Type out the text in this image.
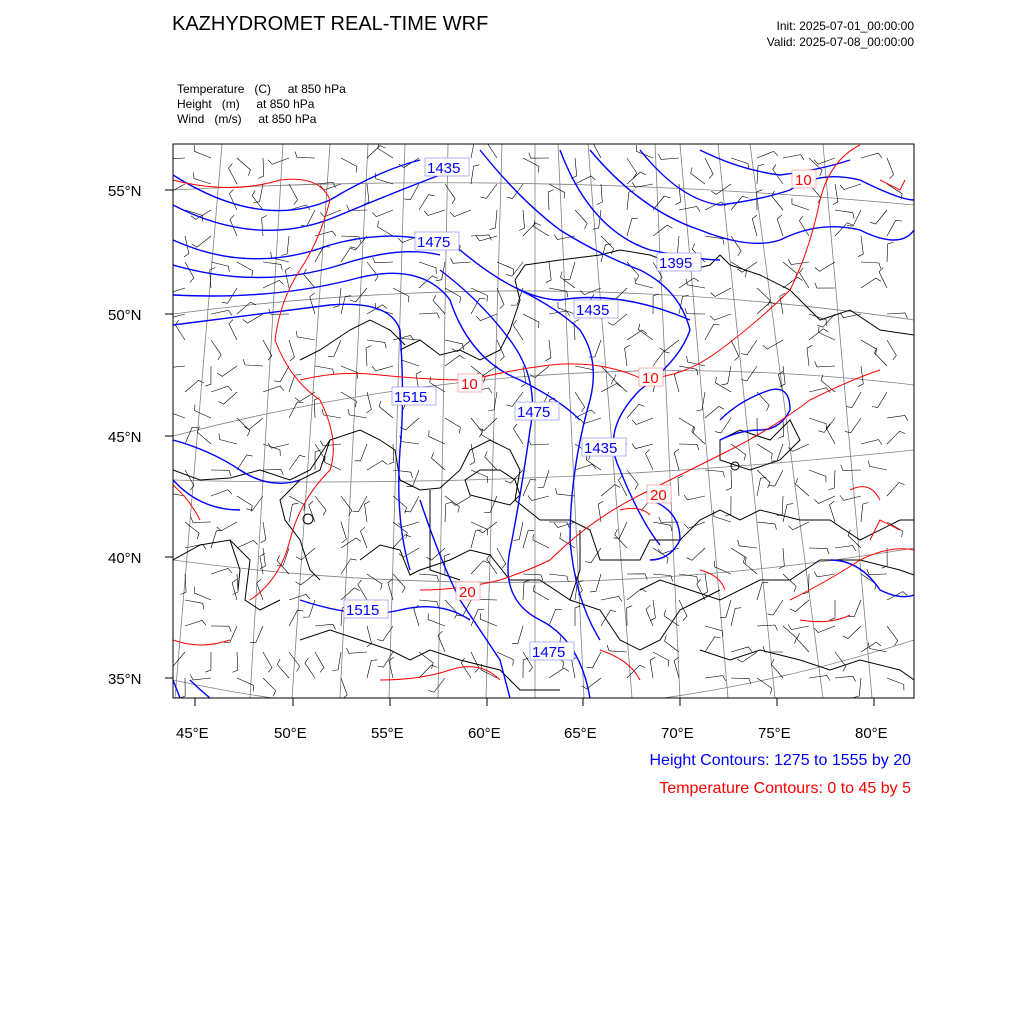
KAZHYDROMET REAL-TIME WRF	Init: 2025-07-01_00:00:00
Valid: 2025-07-08_00:00:00
Temperature (C) at 850 hPa
Height (m) at 850 hPa
Wind (m/s) at 850 hPa
55°N
50°N
45°N
40°N
35°N
45°E	50°E	55°E	60°E	65°E	70°E	75°E	80°E
1435
1475
1395
1435
1515
1475
1435
1515
1475
10
10	10
20
20
Height Contours: 1275 to 1555 by 20
Temperature Contours: 0 to 45 by 5
